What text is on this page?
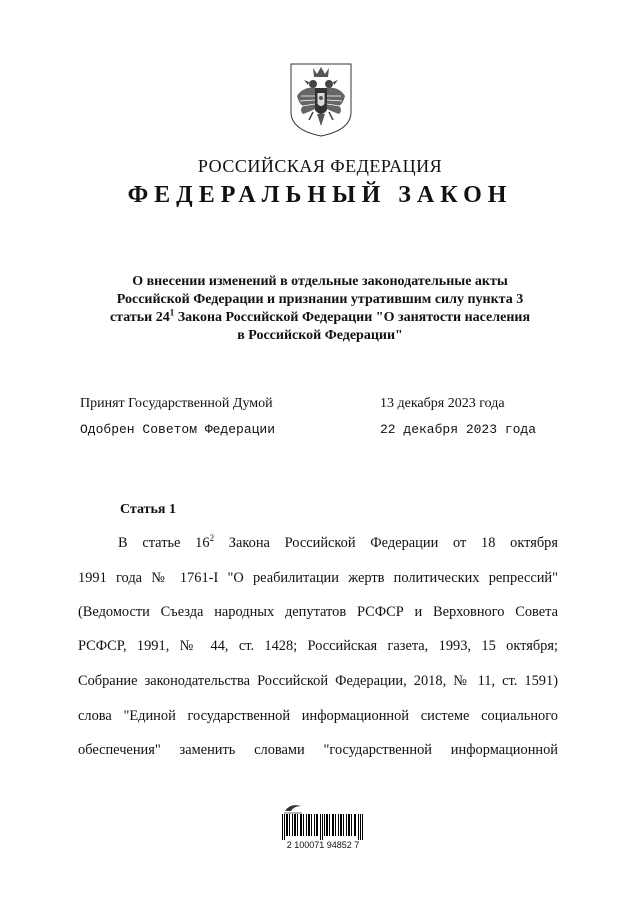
РОССИЙСКАЯ ФЕДЕРАЦИЯ
ФЕДЕРАЛЬНЫЙ ЗАКОН
О внесении изменений в отдельные законодательные акты
Российской Федерации и признании утратившим силу пункта 3
статьи $24^1$ Закона Российской Федерации "О занятости населения
в Российской Федерации"
Принят Государственной Думой	13 декабря 2023 года
Одобрен Советом Федерации	22 декабря 2023 года
Статья 1
В статье $16^2$ Закона Российской Федерации от 18 октября
1991 года № 1761-I "О реабилитации жертв политических репрессий"
(Ведомости Съезда народных депутатов РСФСР и Верховного Совета
РСФСР, 1991, № 44, ст. 1428; Российская газета, 1993, 15 октября;
Собрание законодательства Российской Федерации, 2018, № 11, ст. 1591)
слова "Единой государственной информационной системе социального
обеспечения" заменить словами "государственной информационной
2 100071 94852 7
